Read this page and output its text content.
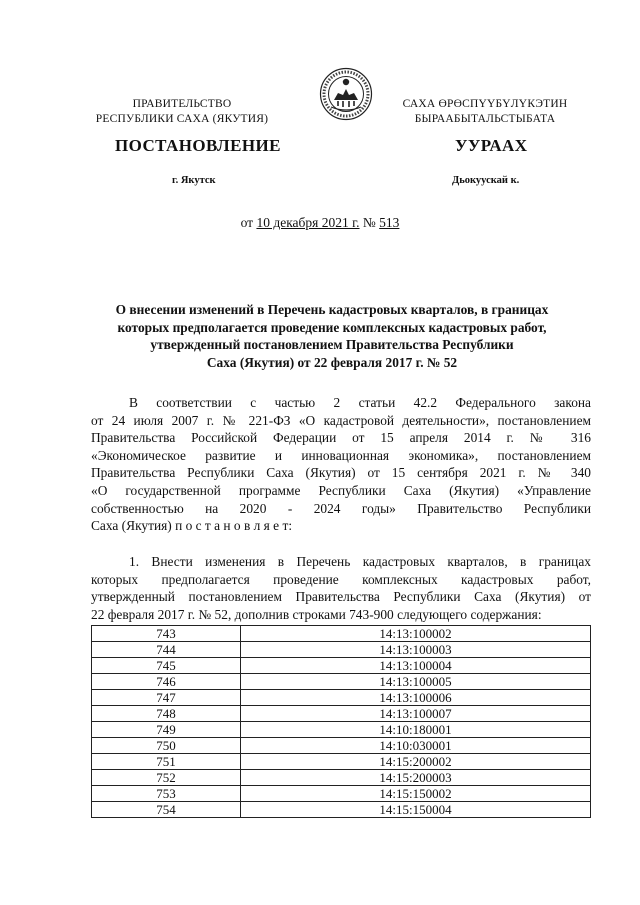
ПРАВИТЕЛЬСТВО
РЕСПУБЛИКИ САХА (ЯКУТИЯ)
САХА ӨРӨСПҮҮБҮЛҮКЭТИН
БЫРААБЫТАЛЬСТЫБАТА
ПОСТАНОВЛЕНИЕ	УУРААХ
г. Якутск	Дьокуускай к.
от 10 декабря 2021 г. № 513
О внесении изменений в Перечень кадастровых кварталов, в границах
которых предполагается проведение комплексных кадастровых работ,
утвержденный постановлением Правительства Республики
Саха (Якутия) от 22 февраля 2017 г. № 52
В соответствии с частью 2 статьи 42.2 Федерального закона
от 24 июля 2007 г. № 221-ФЗ «О кадастровой деятельности», постановлением
Правительства Российской Федерации от 15 апреля 2014 г. № 316
«Экономическое развитие и инновационная экономика», постановлением
Правительства Республики Саха (Якутия) от 15 сентября 2021 г. № 340
«О государственной программе Республики Саха (Якутия) «Управление
собственностью на 2020 - 2024 годы» Правительство Республики
Саха (Якутия) п о с т а н о в л я е т:
1. Внести изменения в Перечень кадастровых кварталов, в границах
которых предполагается проведение комплексных кадастровых работ,
утвержденный постановлением Правительства Республики Саха (Якутия) от
22 февраля 2017 г. № 52, дополнив строками 743-900 следующего содержания:
743	14:13:100002
744	14:13:100003
745	14:13:100004
746	14:13:100005
747	14:13:100006
748	14:13:100007
749	14:10:180001
750	14:10:030001
751	14:15:200002
752	14:15:200003
753	14:15:150002
754	14:15:150004
